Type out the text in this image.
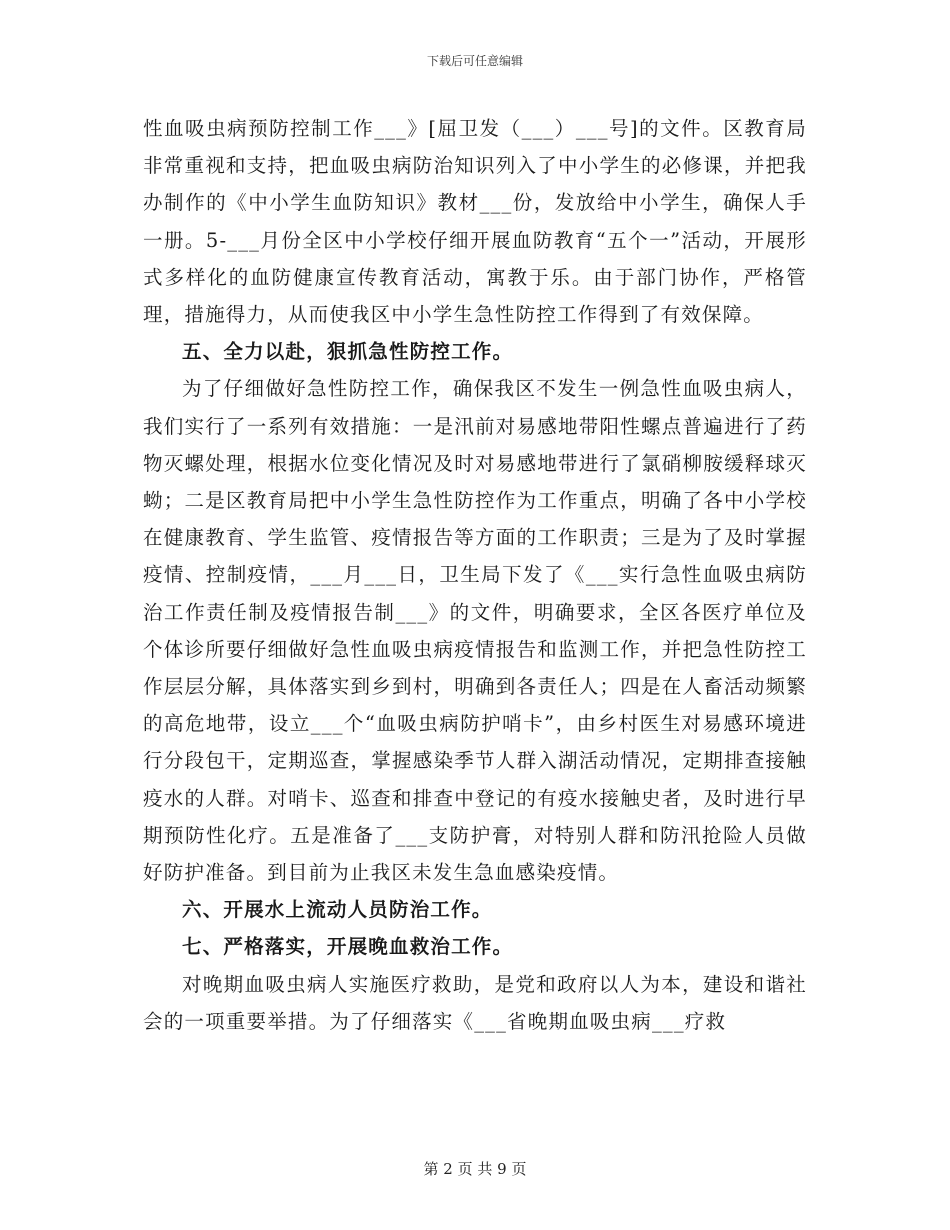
下载后可任意编辑

性血吸虫病预防控制工作___》[屈卫发（___）___号]的文件。区教育局非常重视和支持，把血吸虫病防治知识列入了中小学生的必修课，并把我办制作的《中小学生血防知识》教材___份，发放给中小学生，确保人手一册。5-___月份全区中小学校仔细开展血防教育“五个一”活动，开展形式多样化的血防健康宣传教育活动，寓教于乐。由于部门协作，严格管理，措施得力，从而使我区中小学生急性防控工作得到了有效保障。

五、全力以赴，狠抓急性防控工作。

为了仔细做好急性防控工作，确保我区不发生一例急性血吸虫病人，我们实行了一系列有效措施：一是汛前对易感地带阳性螺点普遍进行了药物灭螺处理，根据水位变化情况及时对易感地带进行了氯硝柳胺缓释球灭蚴；二是区教育局把中小学生急性防控作为工作重点，明确了各中小学校在健康教育、学生监管、疫情报告等方面的工作职责；三是为了及时掌握疫情、控制疫情，___月___日，卫生局下发了《___实行急性血吸虫病防治工作责任制及疫情报告制___》的文件，明确要求，全区各医疗单位及个体诊所要仔细做好急性血吸虫病疫情报告和监测工作，并把急性防控工作层层分解，具体落实到乡到村，明确到各责任人；四是在人畜活动频繁的高危地带，设立___个“血吸虫病防护哨卡”，由乡村医生对易感环境进行分段包干，定期巡查，掌握感染季节人群入湖活动情况，定期排查接触疫水的人群。对哨卡、巡查和排查中登记的有疫水接触史者，及时进行早期预防性化疗。五是准备了___支防护膏，对特别人群和防汛抢险人员做好防护准备。到目前为止我区未发生急血感染疫情。

六、开展水上流动人员防治工作。

七、严格落实，开展晚血救治工作。

对晚期血吸虫病人实施医疗救助，是党和政府以人为本，建设和谐社会的一项重要举措。为了仔细落实《___省晚期血吸虫病___疗救

第 2 页 共 9 页
